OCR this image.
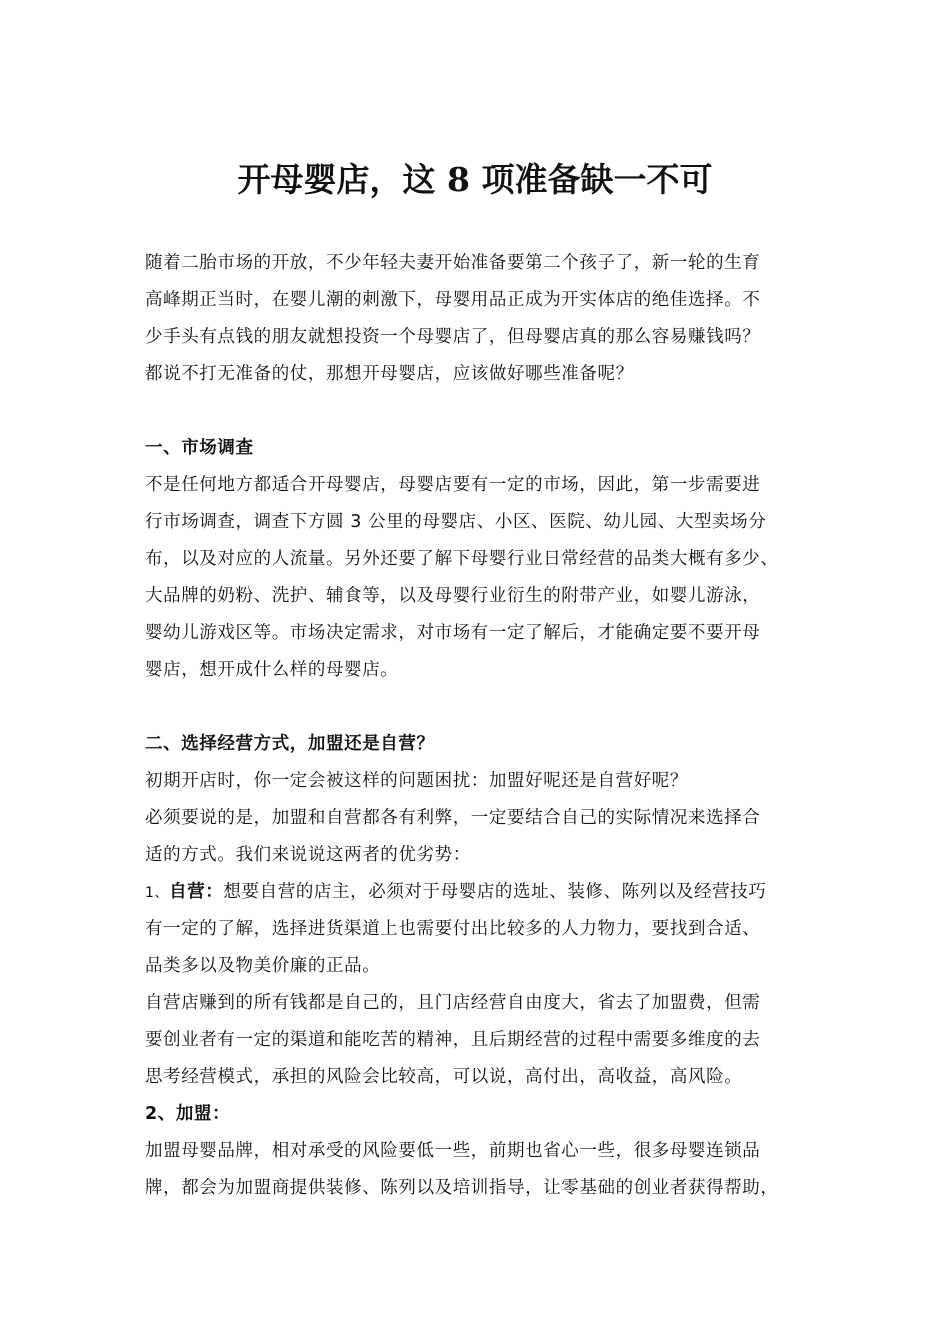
开母婴店，这 8 项准备缺一不可
随着二胎市场的开放，不少年轻夫妻开始准备要第二个孩子了，新一轮的生育
高峰期正当时，在婴儿潮的刺激下，母婴用品正成为开实体店的绝佳选择。不
少手头有点钱的朋友就想投资一个母婴店了，但母婴店真的那么容易赚钱吗？
都说不打无准备的仗，那想开母婴店，应该做好哪些准备呢？
一、市场调查
不是任何地方都适合开母婴店，母婴店要有一定的市场，因此，第一步需要进
行市场调查，调查下方圆 3 公里的母婴店、小区、医院、幼儿园、大型卖场分
布，以及对应的人流量。另外还要了解下母婴行业日常经营的品类大概有多少、
大品牌的奶粉、洗护、辅食等，以及母婴行业衍生的附带产业，如婴儿游泳，
婴幼儿游戏区等。市场决定需求，对市场有一定了解后，才能确定要不要开母
婴店，想开成什么样的母婴店。
二、选择经营方式，加盟还是自营？
初期开店时，你一定会被这样的问题困扰：加盟好呢还是自营好呢？
必须要说的是，加盟和自营都各有利弊，一定要结合自己的实际情况来选择合
适的方式。我们来说说这两者的优劣势：
1、自营：想要自营的店主，必须对于母婴店的选址、装修、陈列以及经营技巧
有一定的了解，选择进货渠道上也需要付出比较多的人力物力，要找到合适、
品类多以及物美价廉的正品。
自营店赚到的所有钱都是自己的，且门店经营自由度大，省去了加盟费，但需
要创业者有一定的渠道和能吃苦的精神，且后期经营的过程中需要多维度的去
思考经营模式，承担的风险会比较高，可以说，高付出，高收益，高风险。
2、加盟：
加盟母婴品牌，相对承受的风险要低一些，前期也省心一些，很多母婴连锁品
牌，都会为加盟商提供装修、陈列以及培训指导，让零基础的创业者获得帮助，
